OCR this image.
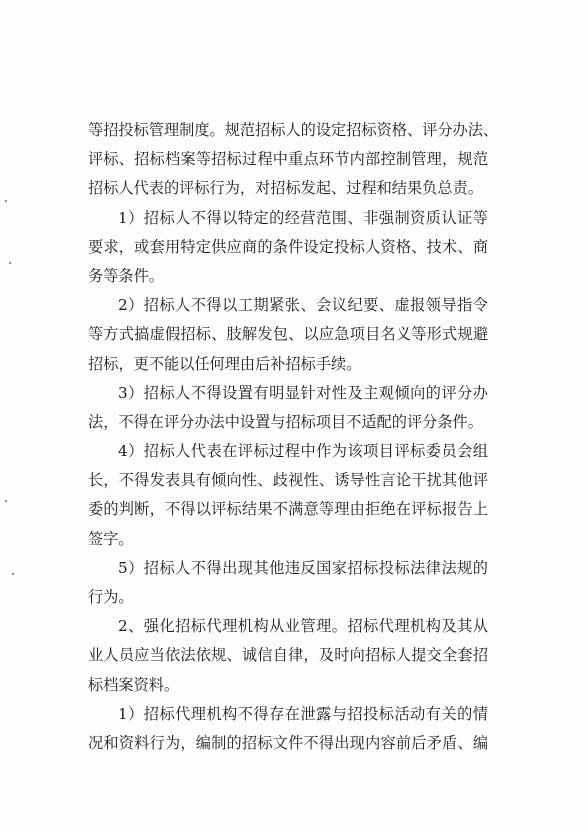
等招投标管理制度。规范招标人的设定招标资格、评分办法、
评标、招标档案等招标过程中重点环节内部控制管理，规范
招标人代表的评标行为，对招标发起、过程和结果负总责。
1）招标人不得以特定的经营范围、非强制资质认证等
要求，或套用特定供应商的条件设定投标人资格、技术、商
务等条件。
2）招标人不得以工期紧张、会议纪要、虚报领导指令
等方式搞虚假招标、肢解发包、以应急项目名义等形式规避
招标，更不能以任何理由后补招标手续。
3）招标人不得设置有明显针对性及主观倾向的评分办
法，不得在评分办法中设置与招标项目不适配的评分条件。
4）招标人代表在评标过程中作为该项目评标委员会组
长，不得发表具有倾向性、歧视性、诱导性言论干扰其他评
委的判断，不得以评标结果不满意等理由拒绝在评标报告上
签字。
5）招标人不得出现其他违反国家招标投标法律法规的
行为。
2、强化招标代理机构从业管理。招标代理机构及其从
业人员应当依法依规、诚信自律，及时向招标人提交全套招
标档案资料。
1）招标代理机构不得存在泄露与招投标活动有关的情
况和资料行为，编制的招标文件不得出现内容前后矛盾、编
